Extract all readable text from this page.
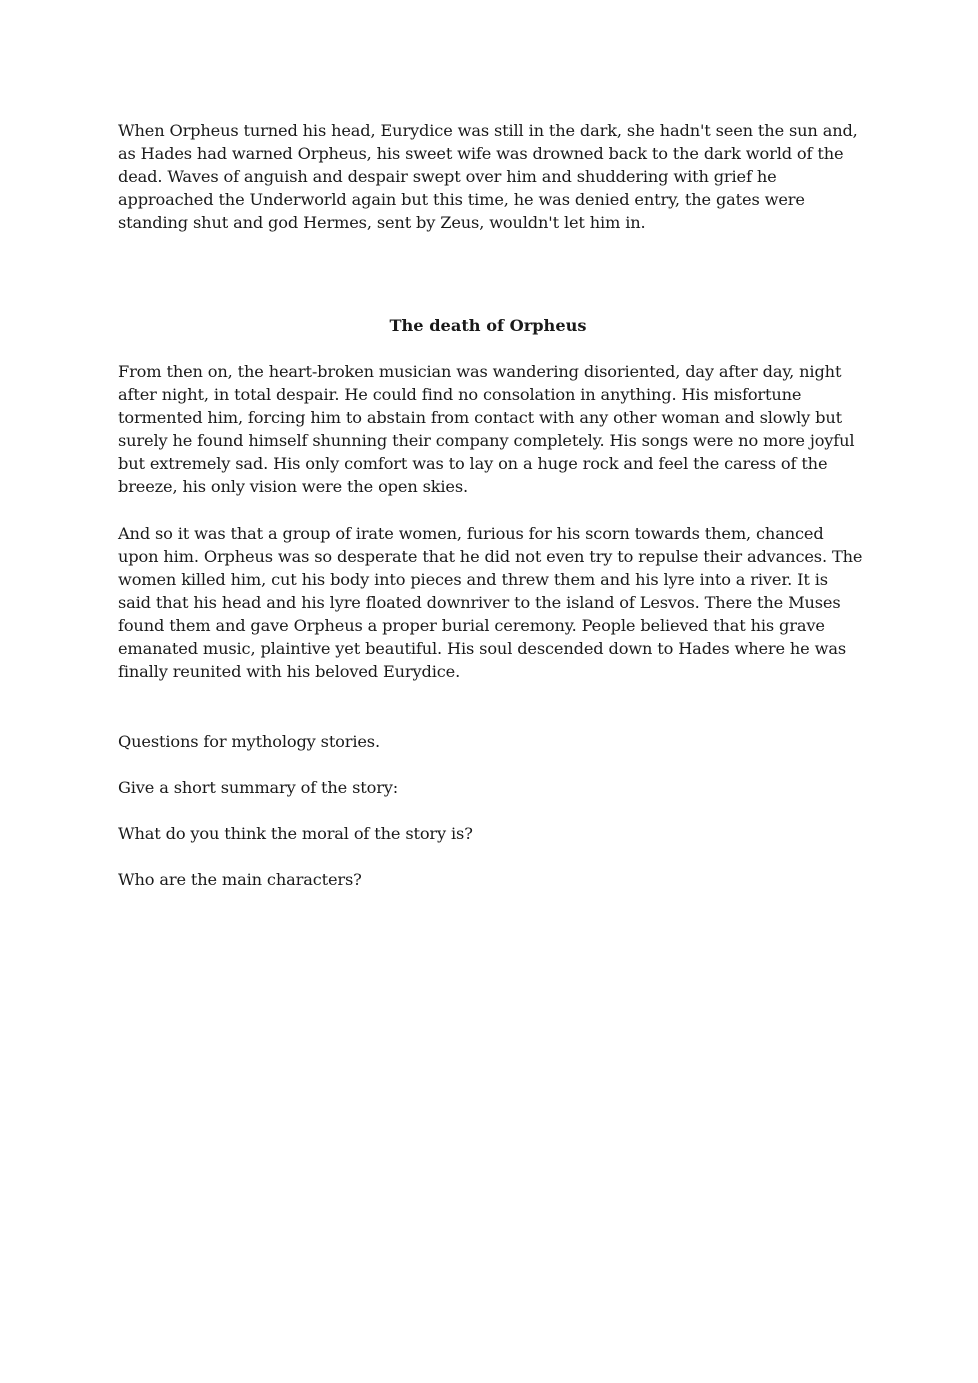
When Orpheus turned his head, Eurydice was still in the dark, she hadn't seen the sun and, as Hades had warned Orpheus, his sweet wife was drowned back to the dark world of the dead. Waves of anguish and despair swept over him and shuddering with grief he approached the Underworld again but this time, he was denied entry, the gates were standing shut and god Hermes, sent by Zeus, wouldn't let him in.

The death of Orpheus

From then on, the heart-broken musician was wandering disoriented, day after day, night after night, in total despair. He could find no consolation in anything. His misfortune tormented him, forcing him to abstain from contact with any other woman and slowly but surely he found himself shunning their company completely. His songs were no more joyful but extremely sad. His only comfort was to lay on a huge rock and feel the caress of the breeze, his only vision were the open skies.

And so it was that a group of irate women, furious for his scorn towards them, chanced upon him. Orpheus was so desperate that he did not even try to repulse their advances. The women killed him, cut his body into pieces and threw them and his lyre into a river. It is said that his head and his lyre floated downriver to the island of Lesvos. There the Muses found them and gave Orpheus a proper burial ceremony. People believed that his grave emanated music, plaintive yet beautiful. His soul descended down to Hades where he was finally reunited with his beloved Eurydice.

Questions for mythology stories.

Give a short summary of the story:

What do you think the moral of the story is?

Who are the main characters?
